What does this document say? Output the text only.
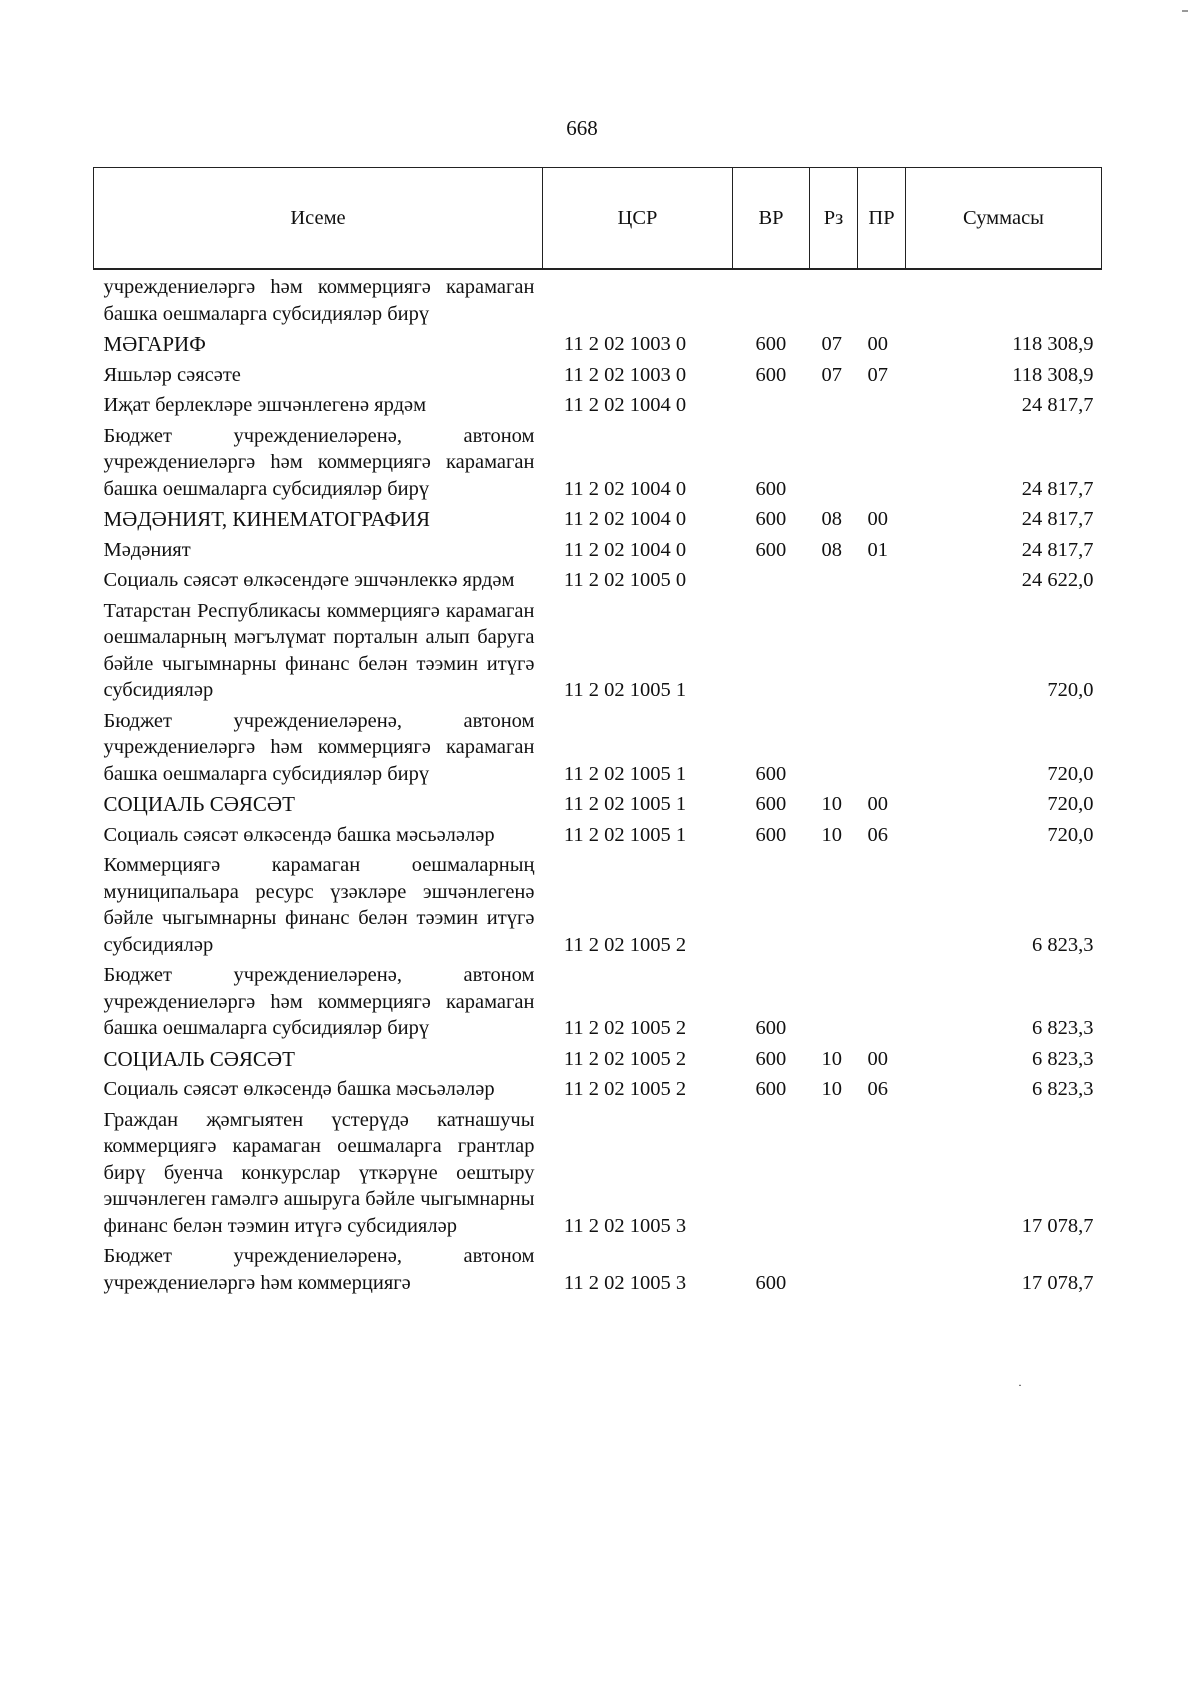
668
·
Исеме	ЦСР	ВР	Рз	ПР	Суммасы

учреждениеләргә һәм коммерциягә карамаган башка оешмаларга субсидияләр бирү					

МӘГАРИФ	11 2 02 1003 0	600	07	00	118 308,9

Яшьләр сәясәте	11 2 02 1003 0	600	07	07	118 308,9

Иҗат берлекләре эшчәнлегенә ярдәм	11 2 02 1004 0				24 817,7

Бюджет учреждениеләренә, автоном учреждениеләргә һәм коммерциягә карамаган башка оешмаларга субсидияләр бирү	11 2 02 1004 0	600			24 817,7

МӘДӘНИЯТ, КИНЕМАТОГРАФИЯ	11 2 02 1004 0	600	08	00	24 817,7

Мәдәният	11 2 02 1004 0	600	08	01	24 817,7

Социаль сәясәт өлкәсендәге эшчәнлеккә ярдәм	11 2 02 1005 0				24 622,0

Татарстан Республикасы коммерциягә карамаган оешмаларның мәгълүмат порталын алып баруга бәйле чыгымнарны финанс белән тәэмин итүгә субсидияләр	11 2 02 1005 1				720,0

Бюджет учреждениеләренә, автоном учреждениеләргә һәм коммерциягә карамаган башка оешмаларга субсидияләр бирү	11 2 02 1005 1	600			720,0

СОЦИАЛЬ СӘЯСӘТ	11 2 02 1005 1	600	10	00	720,0

Социаль сәясәт өлкәсендә башка мәсьәләләр	11 2 02 1005 1	600	10	06	720,0

Коммерциягә карамаган оешмаларның муниципальара ресурс үзәкләре эшчәнлегенә бәйле чыгымнарны финанс белән тәэмин итүгә субсидияләр	11 2 02 1005 2				6 823,3

Бюджет учреждениеләренә, автоном учреждениеләргә һәм коммерциягә карамаган башка оешмаларга субсидияләр бирү	11 2 02 1005 2	600			6 823,3

СОЦИАЛЬ СӘЯСӘТ	11 2 02 1005 2	600	10	00	6 823,3

Социаль сәясәт өлкәсендә башка мәсьәләләр	11 2 02 1005 2	600	10	06	6 823,3

Граждан җәмгыятен үстерүдә катнашучы коммерциягә карамаган оешмаларга грантлар бирү буенча конкурслар үткәрүне оештыру эшчәнлеген гамәлгә ашыруга бәйле чыгымнарны финанс белән тәэмин итүгә субсидияләр	11 2 02 1005 3				17 078,7

Бюджет учреждениеләренә, автоном учреждениеләргә һәм коммерциягә	11 2 02 1005 3	600			17 078,7
